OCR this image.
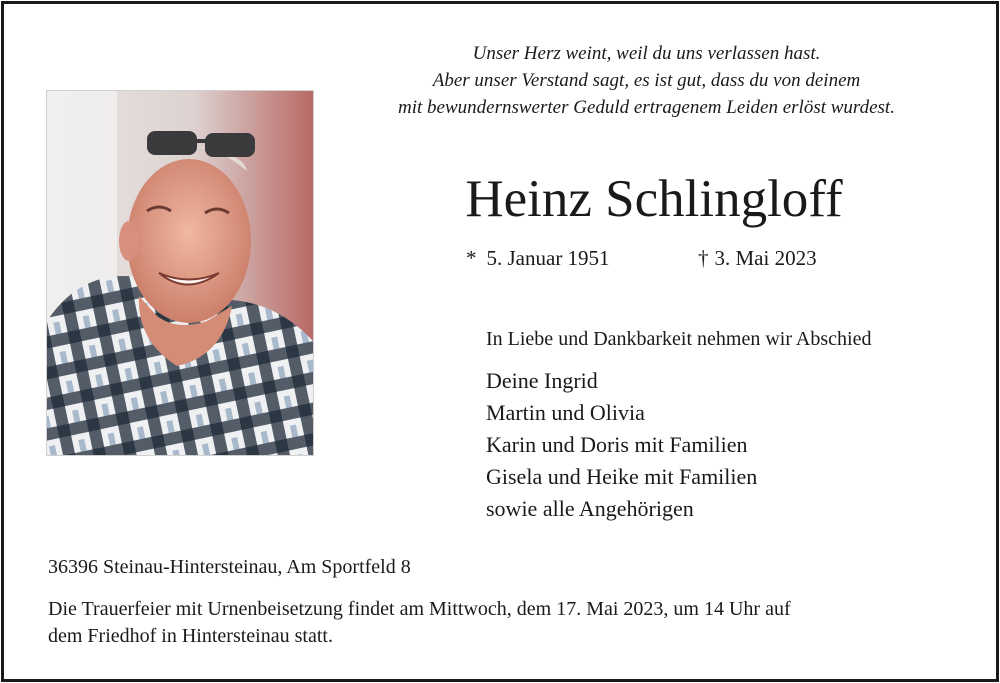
Unser Herz weint, weil du uns verlassen hast.
Aber unser Verstand sagt, es ist gut, dass du von deinem
mit bewundernswerter Geduld ertragenem Leiden erlöst wurdest.
Heinz Schlingloff
* 5. Januar 1951	† 3. Mai 2023
In Liebe und Dankbarkeit nehmen wir Abschied
Deine Ingrid
Martin und Olivia
Karin und Doris mit Familien
Gisela und Heike mit Familien
sowie alle Angehörigen
36396 Steinau-Hintersteinau, Am Sportfeld 8
Die Trauerfeier mit Urnenbeisetzung findet am Mittwoch, dem 17. Mai 2023, um 14 Uhr auf
dem Friedhof in Hintersteinau statt.
